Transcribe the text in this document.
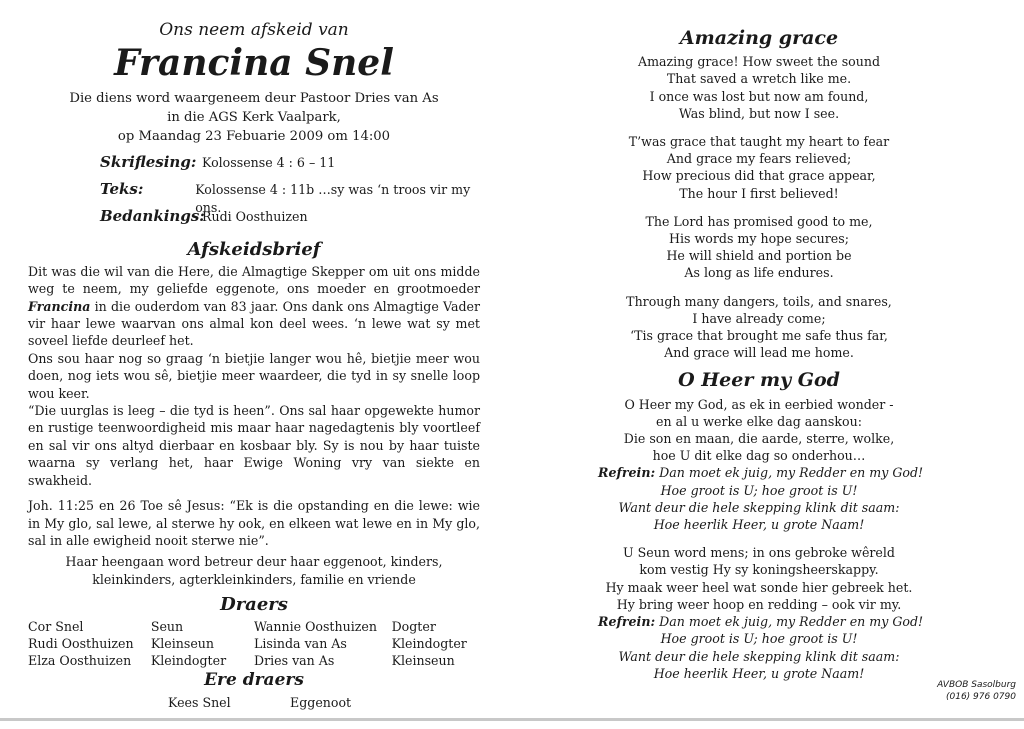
Ons neem afskeid van
Francina Snel
Die diens word waargeneem deur Pastoor Dries van As
in die AGS Kerk Vaalpark,
op Maandag 23 Febuarie 2009 om 14:00
Skriflesing: Kolossense 4 : 6 – 11
Teks:	Kolossense 4 : 11b …sy was ‘n troos vir my ons.
Bedankings:
Rudi Oosthuizen
Afskeidsbrief

Dit was die wil van die Here, die Almagtige Skepper om uit ons midde weg te neem, my geliefde eggenote, ons moeder en grootmoeder Francina in die ouderdom van 83 jaar. Ons dank ons Almagtige Vader vir haar lewe waarvan ons almal kon deel wees. ‘n lewe wat sy met soveel liefde deurleef het.

Ons sou haar nog so graag ‘n bietjie langer wou hê, bietjie meer wou doen, nog iets wou sê, bietjie meer waardeer, die tyd in sy snelle loop wou keer.

“Die uurglas is leeg – die tyd is heen”. Ons sal haar opgewekte humor en rustige teenwoordigheid mis maar haar nagedagtenis bly voortleef en sal vir ons altyd dierbaar en kosbaar bly. Sy is nou by haar tuiste waarna sy verlang het, haar Ewige Woning vry van siekte en swakheid.

Joh. 11:25 en 26 Toe sê Jesus: “Ek is die opstanding en die lewe: wie in My glo, sal lewe, al sterwe hy ook, en elkeen wat lewe en in My glo, sal in alle ewigheid nooit sterwe nie”.

Haar heengaan word betreur deur haar eggenoot, kinders,
kleinkinders, agterkleinkinders, familie en vriende
Draers
Cor Snel
Rudi Oosthuizen
Elza Oosthuizen
Seun
Kleinseun
Kleindogter
Wannie Oosthuizen
Lisinda van As
Dries van As
Dogter
Kleindogter
Kleinseun
Ere draers
Kees Snel	Eggenoot
Amazing grace
Amazing grace! How sweet the sound
That saved a wretch like me.
I once was lost but now am found,
Was blind, but now I see.
T’was grace that taught my heart to fear
And grace my fears relieved;
How precious did that grace appear,
The hour I first believed!
The Lord has promised good to me,
His words my hope secures;
He will shield and portion be
As long as life endures.
Through many dangers, toils, and snares,
I have already come;
‘Tis grace that brought me safe thus far,
And grace will lead me home.
O Heer my God
O Heer my God, as ek in eerbied wonder -
en al u werke elke dag aanskou:
Die son en maan, die aarde, sterre, wolke,
hoe U dit elke dag so onderhou…
Refrein: Dan moet ek juig, my Redder en my God!
Hoe groot is U; hoe groot is U!
Want deur die hele skepping klink dit saam:
Hoe heerlik Heer, u grote Naam!
U Seun word mens; in ons gebroke wêreld
kom vestig Hy sy koningsheerskappy.
Hy maak weer heel wat sonde hier gebreek het.
Hy bring weer hoop en redding – ook vir my.
Refrein: Dan moet ek juig, my Redder en my God!
Hoe groot is U; hoe groot is U!
Want deur die hele skepping klink dit saam:
Hoe heerlik Heer, u grote Naam!
AVBOB Sasolburg
(016) 976 0790
